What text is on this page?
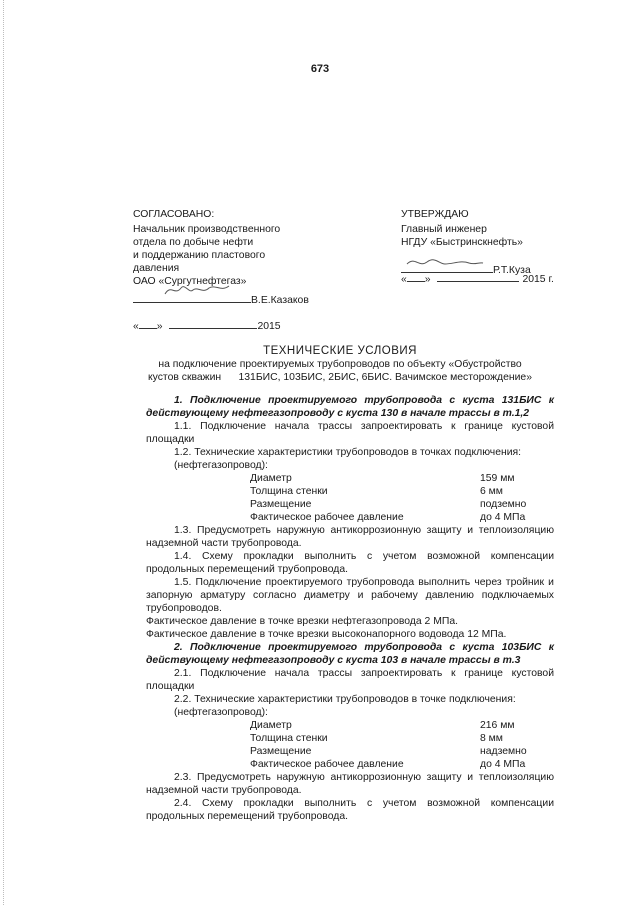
673
СОГЛАСОВАНО:
Начальник производственного
отдела по добыче нефти
и поддержанию пластового
давления
ОАО «Сургутнефтегаз»
В.Е.Казаков
« »	2015
УТВЕРЖДАЮ
Главный инженер
НГДУ «Быстринскнефть»
Р.Т.Куза
« »	2015 г.
ТЕХНИЧЕСКИЕ УСЛОВИЯ
на подключение проектируемых трубопроводов по объекту «Обустройство
кустов скважин      131БИС, 103БИС, 2БИС, 6БИС. Вачимское месторождение»

1. Подключение проектируемого трубопровода с куста 131БИС к действующему нефтегазопроводу с куста 130 в начале трассы в т.1,2

1.1. Подключение начала трассы запроектировать к границе кустовой площадки

1.2. Технические характеристики трубопроводов в точках подключения:

(нефтегазопровод):

Диаметр	159 мм
Толщина стенки	6 мм
Размещение	подземно
Фактическое рабочее давление	до 4 МПа

1.3. Предусмотреть наружную антикоррозионную защиту и теплоизоляцию надземной части трубопровода.

1.4. Схему прокладки выполнить с учетом возможной компенсации продольных перемещений трубопровода.

1.5. Подключение проектируемого трубопровода выполнить через тройник и запорную арматуру согласно диаметру и рабочему давлению подключаемых трубопроводов.

Фактическое давление в точке врезки нефтегазопровода 2 МПа.

Фактическое давление в точке врезки высоконапорного водовода 12 МПа.

2. Подключение проектируемого трубопровода с куста 103БИС к действующему нефтегазопроводу с куста 103 в начале трассы в т.3

2.1. Подключение начала трассы запроектировать к границе кустовой площадки

2.2. Технические характеристики трубопроводов в точке подключения:

(нефтегазопровод):

Диаметр	216 мм
Толщина стенки	8 мм
Размещение	надземно
Фактическое рабочее давление	до 4 МПа

2.3. Предусмотреть наружную антикоррозионную защиту и теплоизоляцию надземной части трубопровода.

2.4. Схему прокладки выполнить с учетом возможной компенсации продольных перемещений трубопровода.
